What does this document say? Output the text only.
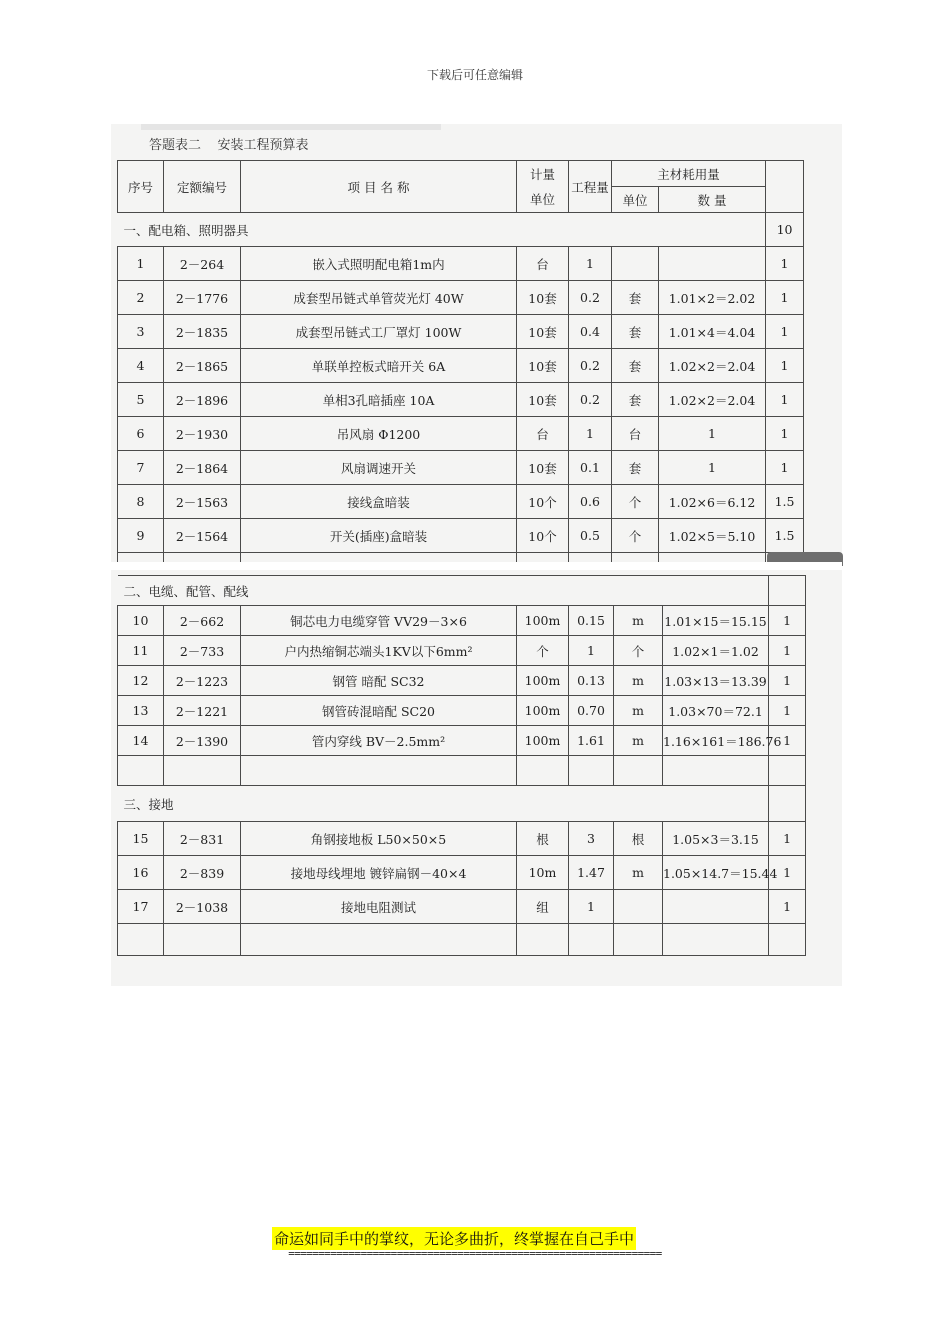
下载后可任意编辑
答题表二    安装工程预算表
序号	定额编号	项 目 名 称	计量	工程量	主材耗用量		
			单位		单位	数 量	
一、配电箱、照明器具							10
1	2－264	嵌入式照明配电箱1m内	台	1			1
2	2－1776	成套型吊链式单管荧光灯 40W	10套	0.2	套	1.01×2＝2.02	1
3	2－1835	成套型吊链式工厂罩灯 100W	10套	0.4	套	1.01×4＝4.04	1
4	2－1865	单联单控板式暗开关 6A	10套	0.2	套	1.02×2＝2.04	1
5	2－1896	单相3孔暗插座 10A	10套	0.2	套	1.02×2＝2.04	1
6	2－1930	吊风扇 Φ1200	台	1	台	1	1
7	2－1864	风扇调速开关	10套	0.1	套	1	1
8	2－1563	接线盒暗装	10个	0.6	个	1.02×6＝6.12	1.5
9	2－1564	开关(插座)盒暗装	10个	0.5	个	1.02×5＝5.10	1.5

二、电缆、配管、配线							
10	2－662	铜芯电力电缆穿管 VV29－3×6	100m	0.15	m	1.01×15＝15.15	1
11	2－733	户内热缩铜芯端头1KV以下6mm²	个	1	个	1.02×1＝1.02	1
12	2－1223	钢管 暗配 SC32	100m	0.13	m	1.03×13＝13.39	1
13	2－1221	钢管砖混暗配 SC20	100m	0.70	m	1.03×70＝72.1	1
14	2－1390	管内穿线 BV－2.5mm²	100m	1.61	m	1.16×161＝186.76	1

三、接地							
15	2－831	角钢接地板 L50×50×5	根	3	根	1.05×3＝3.15	1
16	2－839	接地母线埋地 镀锌扁钢－40×4	10m	1.47	m	1.05×14.7＝15.44	1
17	2－1038	接地电阻测试	组	1			1

命运如同手中的掌纹，无论多曲折，终掌握在自己手中
==============================================================
